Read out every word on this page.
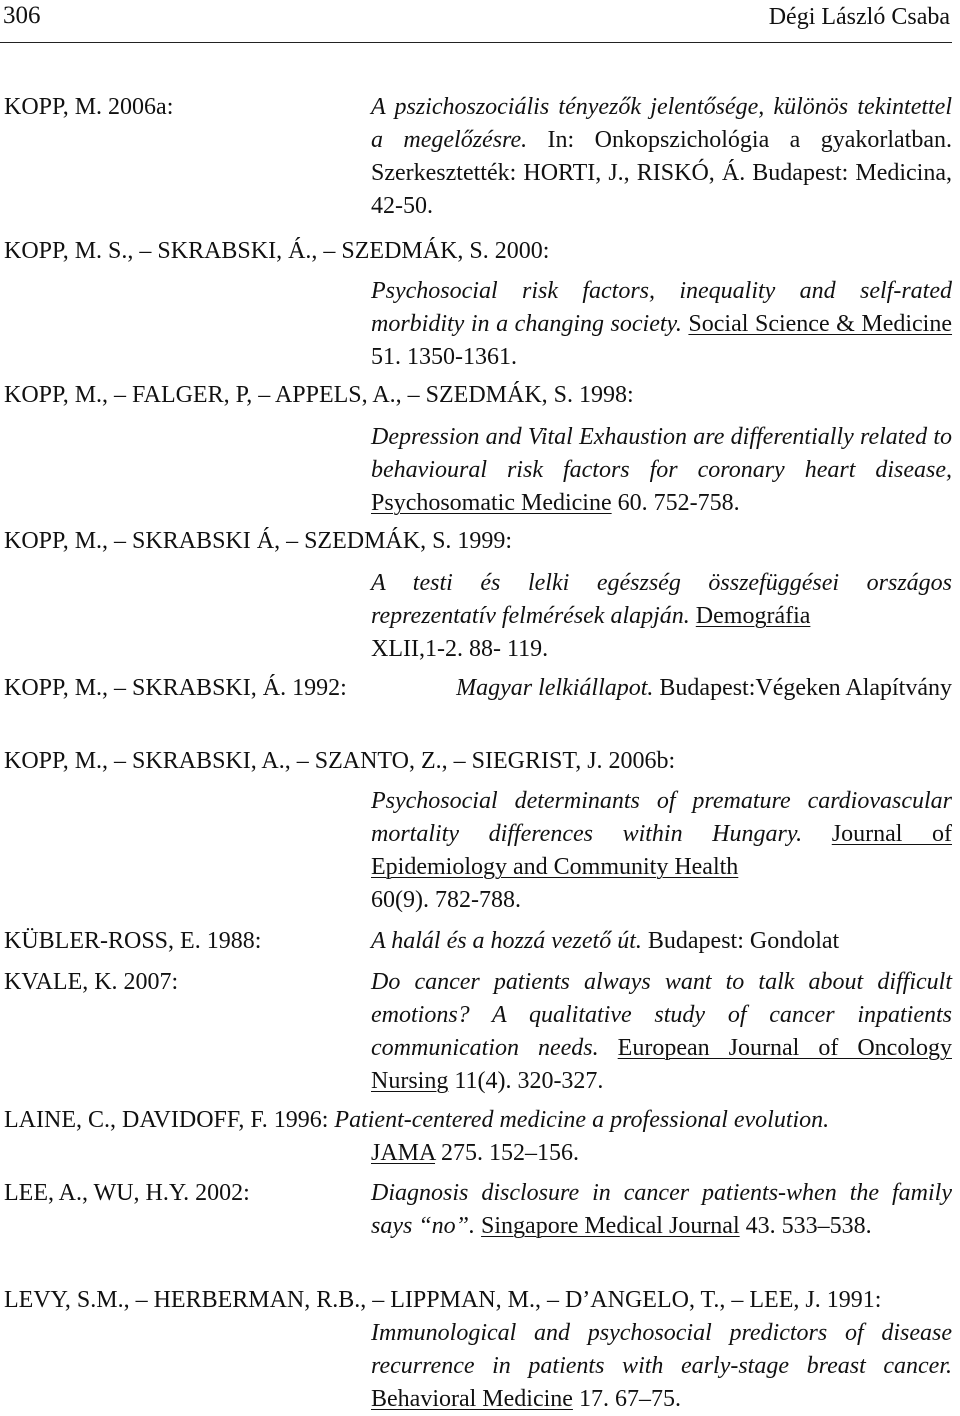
306	Dégi László Csaba
KOPP, M. 2006a:	A pszichoszociális tényezők jelentősége, különös tekintettel a megelőzésre. In: Onkopszichológia a gyakorlatban. Szerkesztették: HORTI, J., RISKÓ, Á. Budapest: Medicina, 42-50.
KOPP, M. S., – SKRABSKI, Á., – SZEDMÁK, S. 2000:
Psychosocial risk factors, inequality and self-rated morbidity in a changing society. Social Science & Medicine 51. 1350-1361.
KOPP, M., – FALGER, P, – APPELS, A., – SZEDMÁK, S. 1998:
Depression and Vital Exhaustion are differentially related to behavioural risk factors for coronary heart disease, Psychosomatic Medicine 60. 752-758.
KOPP, M., – SKRABSKI Á, – SZEDMÁK, S. 1999:
A testi és lelki egészség összefüggései országos reprezentatív felmérések alapján. Demográfia
XLII,1-2. 88- 119.
KOPP, M., – SKRABSKI, Á. 1992:	Magyar lelkiállapot. Budapest:Végeken Alapítvány
KOPP, M., – SKRABSKI, A., – SZANTO, Z., – SIEGRIST, J. 2006b:
Psychosocial determinants of premature cardiovascular mortality differences within Hungary. Journal of Epidemiology and Community Health
60(9). 782-788.
KÜBLER-ROSS, E. 1988:	A halál és a hozzá vezető út. Budapest: Gondolat
KVALE, K. 2007:	Do cancer patients always want to talk about difficult emotions? A qualitative study of cancer inpatients communication needs. European Journal of Oncology Nursing 11(4). 320-327.
LAINE, C., DAVIDOFF, F. 1996: Patient-centered medicine a professional evolution.
JAMA 275. 152–156.
LEE, A., WU, H.Y. 2002:	Diagnosis disclosure in cancer patients-when the family says “no”. Singapore Medical Journal 43. 533–538.
LEVY, S.M., – HERBERMAN, R.B., – LIPPMAN, M., – D’ANGELO, T., – LEE, J. 1991:
Immunological and psychosocial predictors of disease recurrence in patients with early-stage breast cancer. Behavioral Medicine 17. 67–75.
